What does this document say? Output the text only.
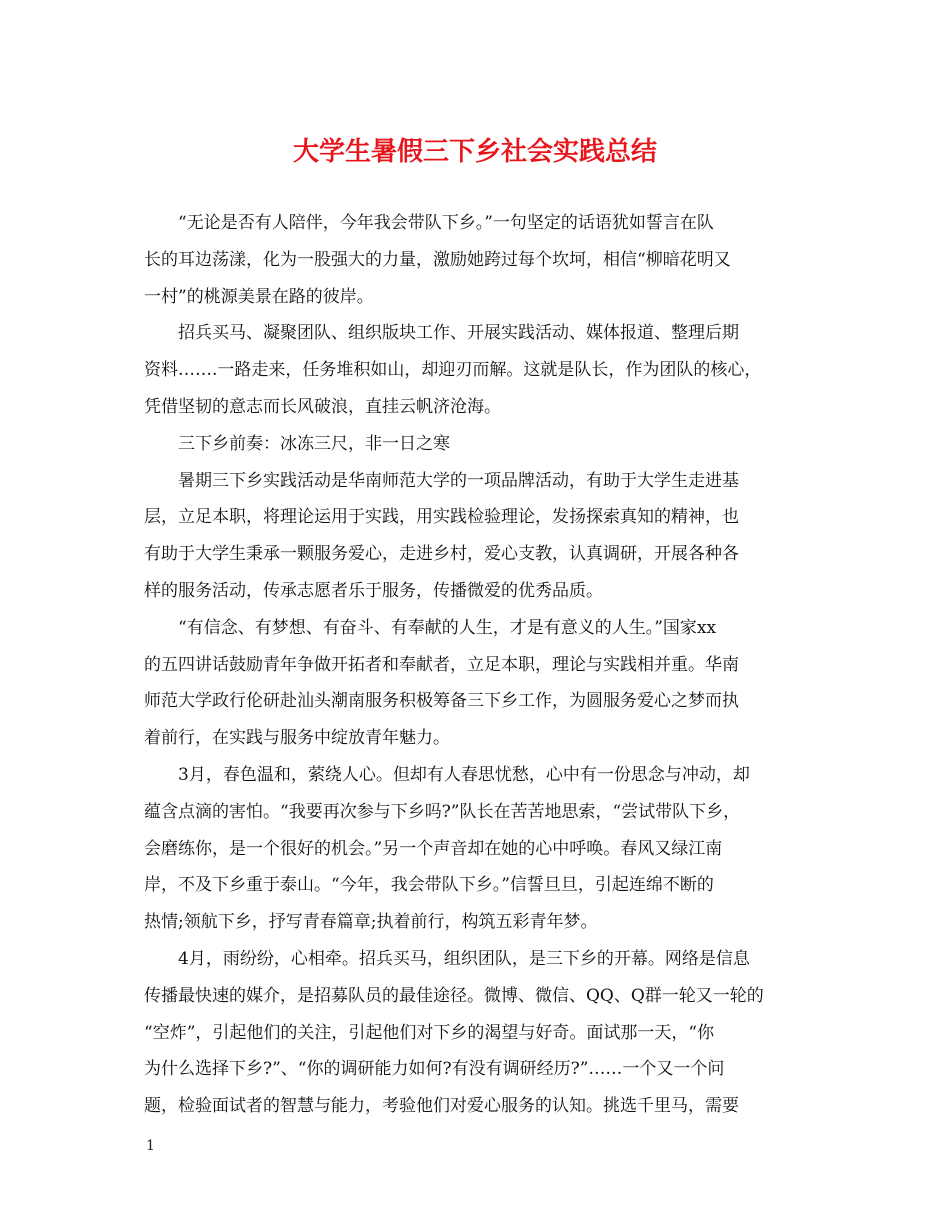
大学生暑假三下乡社会实践总结
“无论是否有人陪伴，今年我会带队下乡。”一句坚定的话语犹如誓言在队
长的耳边荡漾，化为一股强大的力量，激励她跨过每个坎坷，相信“柳暗花明又
一村”的桃源美景在路的彼岸。
招兵买马、凝聚团队、组织版块工作、开展实践活动、媒体报道、整理后期
资料…….一路走来，任务堆积如山，却迎刃而解。这就是队长，作为团队的核心，
凭借坚韧的意志而长风破浪，直挂云帆济沧海。
三下乡前奏：冰冻三尺，非一日之寒
暑期三下乡实践活动是华南师范大学的一项品牌活动，有助于大学生走进基
层，立足本职，将理论运用于实践，用实践检验理论，发扬探索真知的精神，也
有助于大学生秉承一颗服务爱心，走进乡村，爱心支教，认真调研，开展各种各
样的服务活动，传承志愿者乐于服务，传播微爱的优秀品质。
“有信念、有梦想、有奋斗、有奉献的人生，才是有意义的人生。”国家xx
的五四讲话鼓励青年争做开拓者和奉献者，立足本职，理论与实践相并重。华南
师范大学政行伦研赴汕头潮南服务积极筹备三下乡工作，为圆服务爱心之梦而执
着前行，在实践与服务中绽放青年魅力。
3月，春色温和，萦绕人心。但却有人春思忧愁，心中有一份思念与冲动，却
蕴含点滴的害怕。“我要再次参与下乡吗?”队长在苦苦地思索，“尝试带队下乡，
会磨练你，是一个很好的机会。”另一个声音却在她的心中呼唤。春风又绿江南
岸，不及下乡重于泰山。“今年，我会带队下乡。”信誓旦旦，引起连绵不断的
热情;领航下乡，抒写青春篇章;执着前行，构筑五彩青年梦。
4月，雨纷纷，心相牵。招兵买马，组织团队，是三下乡的开幕。网络是信息
传播最快速的媒介，是招募队员的最佳途径。微博、微信、QQ、Q群一轮又一轮的
“空炸”，引起他们的关注，引起他们对下乡的渴望与好奇。面试那一天，“你
为什么选择下乡?”、“你的调研能力如何?有没有调研经历?”……一个又一个问
题，检验面试者的智慧与能力，考验他们对爱心服务的认知。挑选千里马，需要
1
